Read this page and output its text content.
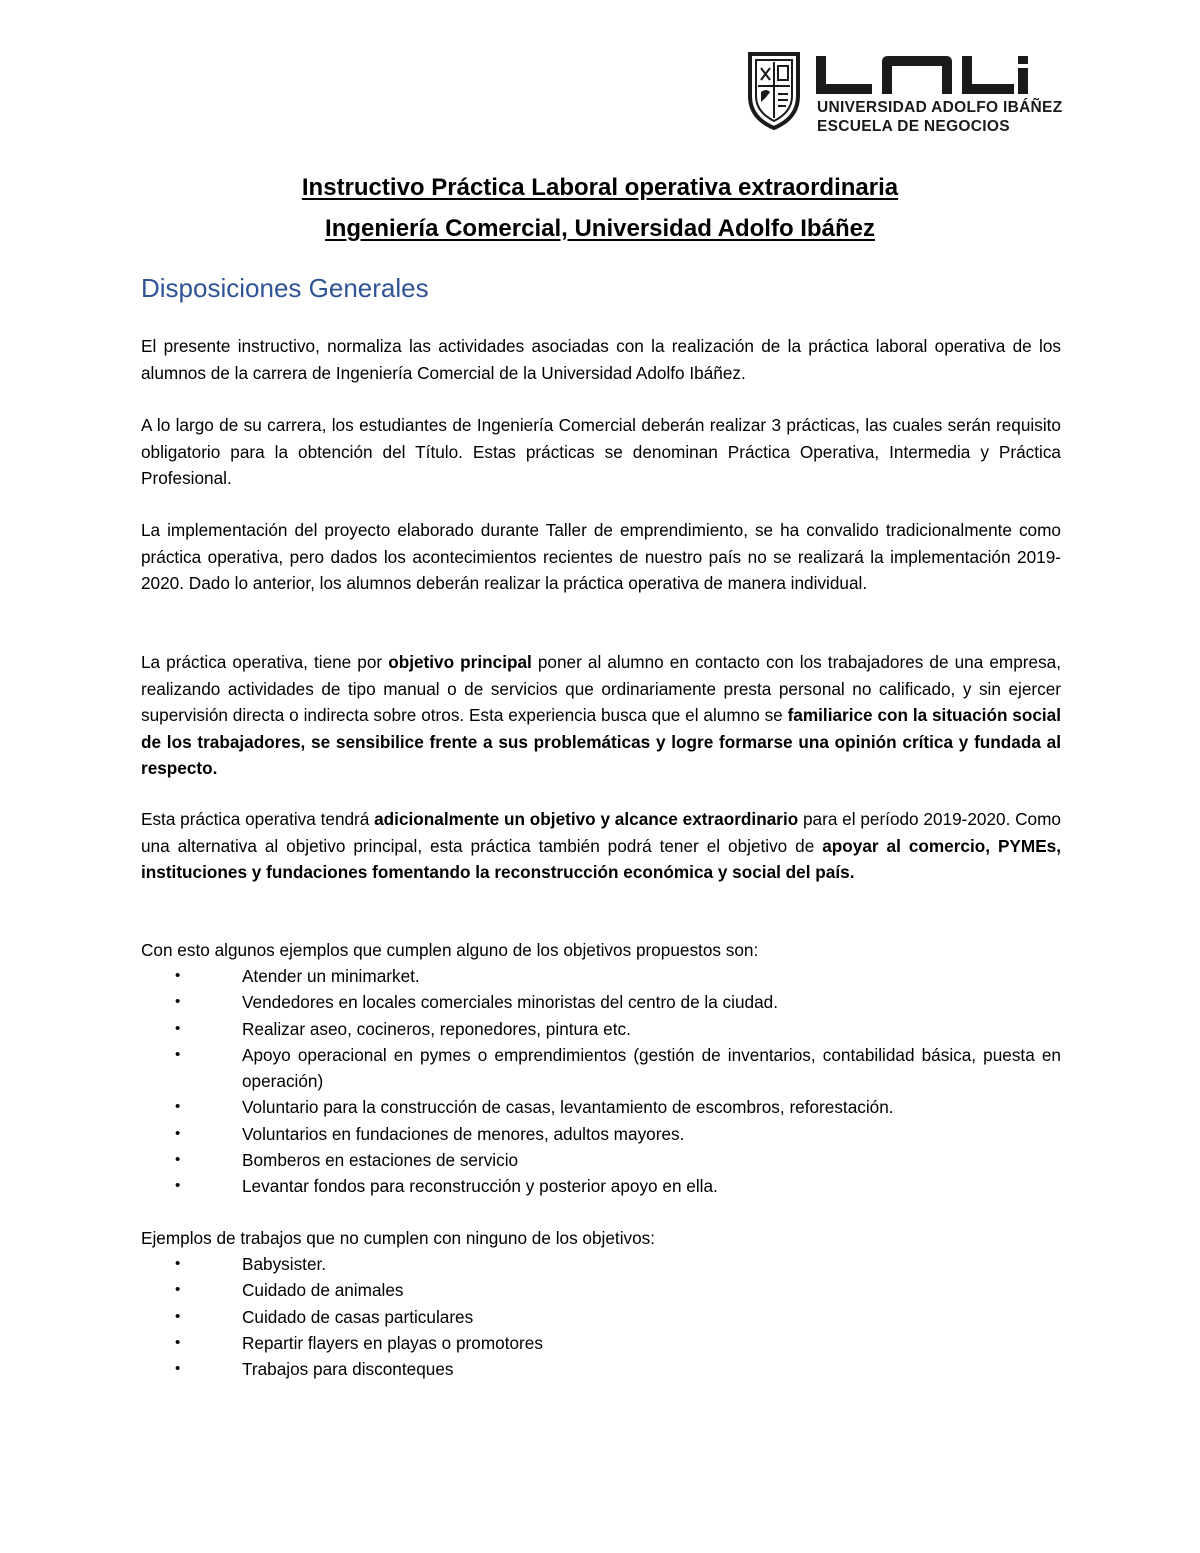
UNIVERSIDAD ADOLFO IBÁÑEZ
ESCUELA DE NEGOCIOS
Instructivo Práctica Laboral operativa extraordinaria
Ingeniería Comercial, Universidad Adolfo Ibáñez
Disposiciones Generales
El presente instructivo, normaliza las actividades asociadas con la realización de la práctica laboral operativa de los alumnos de la carrera de Ingeniería Comercial de la Universidad Adolfo Ibáñez.
A lo largo de su carrera, los estudiantes de Ingeniería Comercial deberán realizar 3 prácticas, las cuales serán requisito obligatorio para la obtención del Título. Estas prácticas se denominan Práctica Operativa, Intermedia y Práctica Profesional.
La implementación del proyecto elaborado durante Taller de emprendimiento, se ha convalido tradicionalmente como práctica operativa, pero dados los acontecimientos recientes de nuestro país no se realizará la implementación 2019-2020. Dado lo anterior, los alumnos deberán realizar la práctica operativa de manera individual.
La práctica operativa, tiene por objetivo principal poner al alumno en contacto con los trabajadores de una empresa, realizando actividades de tipo manual o de servicios que ordinariamente presta personal no calificado, y sin ejercer supervisión directa o indirecta sobre otros. Esta experiencia busca que el alumno se familiarice con la situación social de los trabajadores, se sensibilice frente a sus problemáticas y logre formarse una opinión crítica y fundada al respecto.
Esta práctica operativa tendrá adicionalmente un objetivo y alcance extraordinario para el período 2019-2020. Como una alternativa al objetivo principal, esta práctica también podrá tener el objetivo de apoyar al comercio, PYMEs, instituciones y fundaciones fomentando la reconstrucción económica y social del país.
Con esto algunos ejemplos que cumplen alguno de los objetivos propuestos son:
•	Atender un minimarket.
•	Vendedores en locales comerciales minoristas del centro de la ciudad.
•	Realizar aseo, cocineros, reponedores, pintura etc.
•	Apoyo operacional en pymes o emprendimientos (gestión de inventarios, contabilidad básica, puesta en operación)
•	Voluntario para la construcción de casas, levantamiento de escombros, reforestación.
•	Voluntarios en fundaciones de menores, adultos mayores.
•	Bomberos en estaciones de servicio
•	Levantar fondos para reconstrucción y posterior apoyo en ella.
Ejemplos de trabajos que no cumplen con ninguno de los objetivos:
•	Babysister.
•	Cuidado de animales
•	Cuidado de casas particulares
•	Repartir flayers en playas o promotores
•	Trabajos para disconteques
